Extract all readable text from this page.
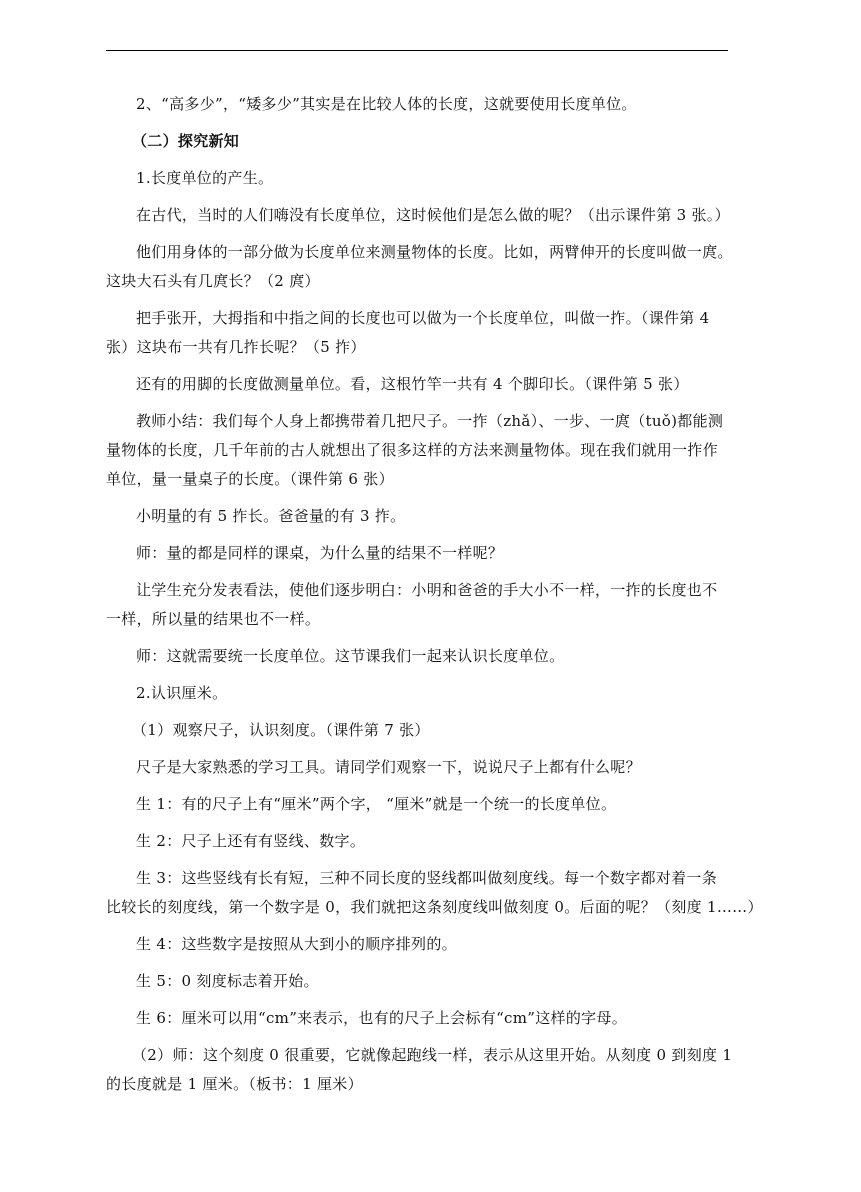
2、“高多少”，“矮多少”其实是在比较人体的长度，这就要使用长度单位。

（二）探究新知

1.长度单位的产生。

在古代，当时的人们嗨没有长度单位，这时候他们是怎么做的呢？（出示课件第 3 张。）

他们用身体的一部分做为长度单位来测量物体的长度。比如，两臂伸开的长度叫做一庹。

这块大石头有几庹长？（2 庹）

把手张开，大拇指和中指之间的长度也可以做为一个长度单位，叫做一拃。（课件第 4

张）这块布一共有几拃长呢？（5 拃）

还有的用脚的长度做测量单位。看，这根竹竿一共有 4 个脚印长。（课件第 5 张）

教师小结：我们每个人身上都携带着几把尺子。一拃（zhǎ）、一步、一庹（tuǒ)都能测

量物体的长度，几千年前的古人就想出了很多这样的方法来测量物体。现在我们就用一拃作

单位，量一量桌子的长度。（课件第 6 张）

小明量的有 5 拃长。爸爸量的有 3 拃。

师：量的都是同样的课桌，为什么量的结果不一样呢？

让学生充分发表看法，使他们逐步明白：小明和爸爸的手大小不一样，一拃的长度也不

一样，所以量的结果也不一样。

师：这就需要统一长度单位。这节课我们一起来认识长度单位。

2.认识厘米。

（1）观察尺子，认识刻度。（课件第 7 张）

尺子是大家熟悉的学习工具。请同学们观察一下，说说尺子上都有什么呢？

生 1：有的尺子上有“厘米”两个字， “厘米”就是一个统一的长度单位。

生 2：尺子上还有有竖线、数字。

生 3：这些竖线有长有短，三种不同长度的竖线都叫做刻度线。每一个数字都对着一条

比较长的刻度线，第一个数字是 0，我们就把这条刻度线叫做刻度 0。后面的呢？（刻度 1……）

生 4：这些数字是按照从大到小的顺序排列的。

生 5：0 刻度标志着开始。

生 6：厘米可以用“cm”来表示，也有的尺子上会标有“cm”这样的字母。

（2）师：这个刻度 0 很重要，它就像起跑线一样，表示从这里开始。从刻度 0 到刻度 1

的长度就是 1 厘米。（板书：1 厘米）
